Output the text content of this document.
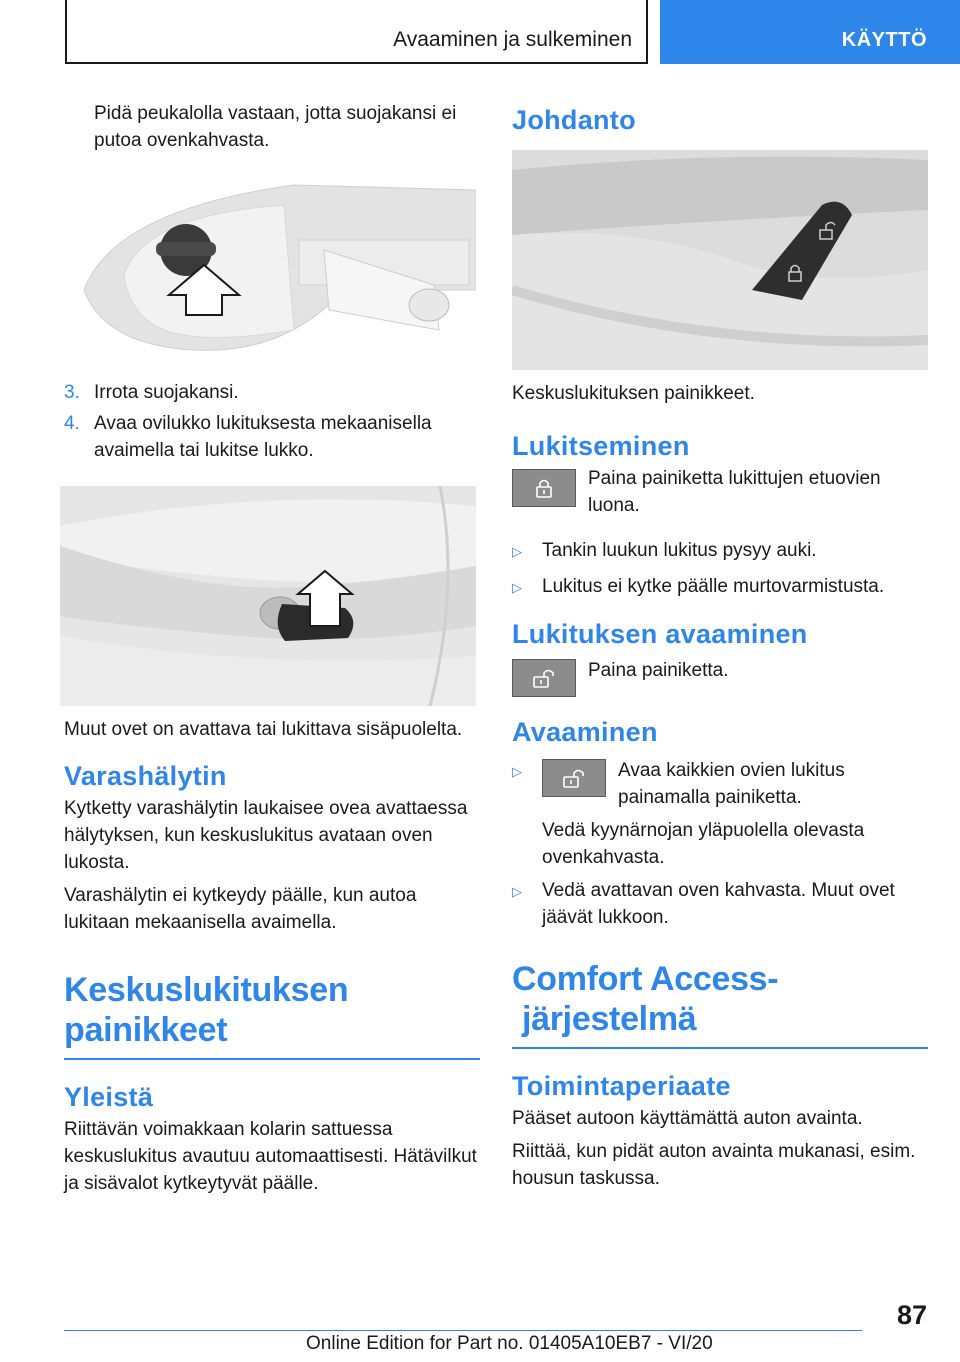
Avaaminen ja sulkeminen	KÄYTTÖ

Pidä peukalolla vastaan, jotta suojakansi ei putoa ovenkahvasta.

3. Irrota suojakansi.
4. Avaa ovilukko lukituksesta mekaanisella avaimella tai lukitse lukko.

Muut ovet on avattava tai lukittava sisäpuolelta.

Varashälytin

Kytketty varashälytin laukaisee ovea avattaessa hälytyksen, kun keskuslukitus avataan oven lukosta.

Varashälytin ei kytkeydy päälle, kun autoa lukitaan mekaanisella avaimella.

Keskuslukituksen
painikkeet
Yleistä

Riittävän voimakkaan kolarin sattuessa keskuslukitus avautuu automaattisesti. Hätävilkut ja sisävalot kytkeytyvät päälle.

Johdanto

Keskuslukituksen painikkeet.

Lukitseminen

Paina painiketta lukittujen etuovien luona.

▷	Tankin luukun lukitus pysyy auki.
▷	Lukitus ei kytke päälle murtovarmistusta.
Lukituksen avaaminen

Paina painiketta.

Avaaminen
▷	Avaa kaikkien ovien lukitus painamalla painiketta.

Vedä kyynärnojan yläpuolella olevasta ovenkahvasta.

▷	Vedä avattavan oven kahvasta. Muut ovet jäävät lukkoon.
Comfort Access-
järjestelmä
Toimintaperiaate

Pääset autoon käyttämättä auton avainta.

Riittää, kun pidät auton avainta mukanasi, esim. housun taskussa.

87
Online Edition for Part no. 01405A10EB7 - VI/20
